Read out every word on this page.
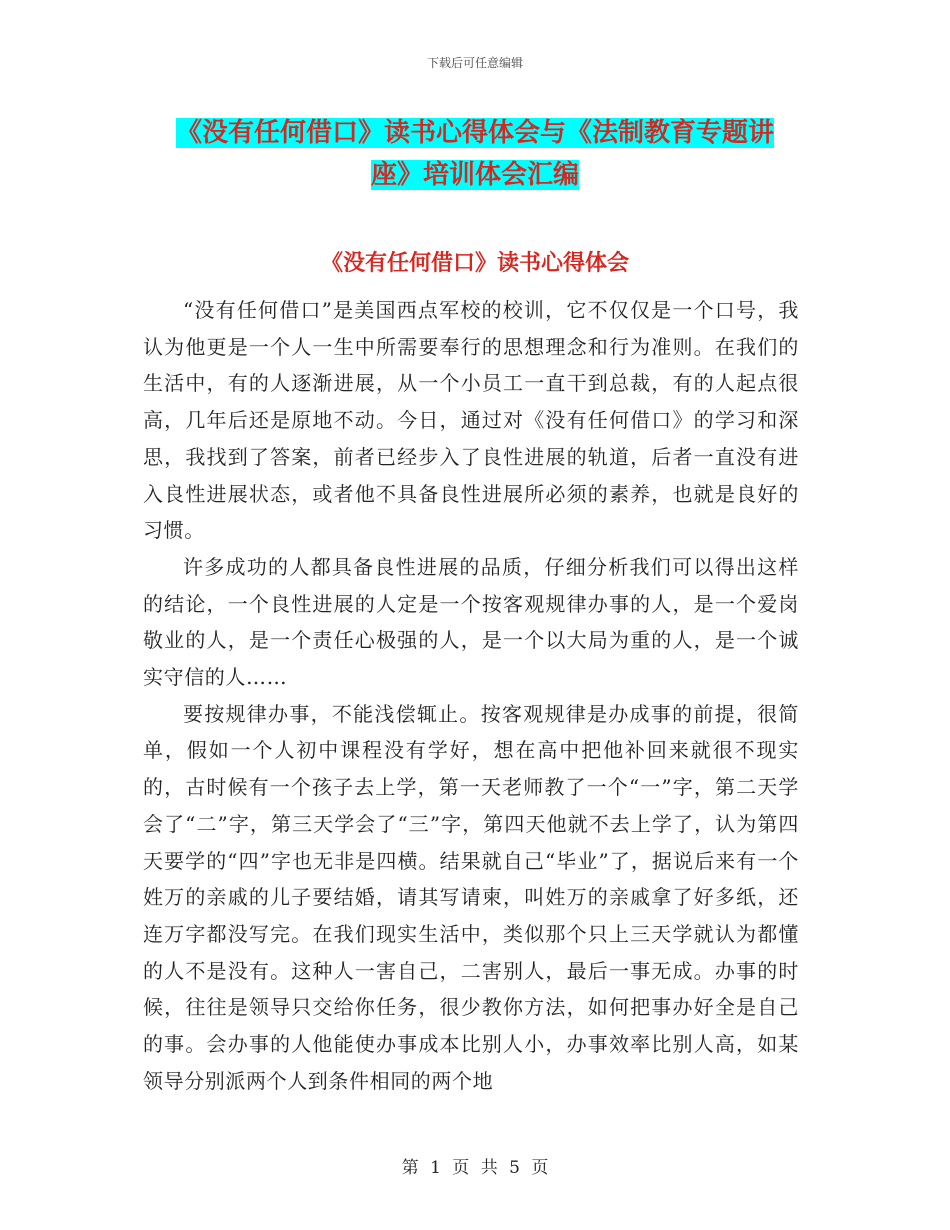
下载后可任意编辑
《没有任何借口》读书心得体会与《法制教育专题讲
座》培训体会汇编
《没有任何借口》读书心得体会

“没有任何借口”是美国西点军校的校训，它不仅仅是一个口号，我认为他更是一个人一生中所需要奉行的思想理念和行为准则。在我们的生活中，有的人逐渐进展，从一个小员工一直干到总裁，有的人起点很高，几年后还是原地不动。今日，通过对《没有任何借口》的学习和深思，我找到了答案，前者已经步入了良性进展的轨道，后者一直没有进入良性进展状态，或者他不具备良性进展所必须的素养，也就是良好的习惯。

许多成功的人都具备良性进展的品质，仔细分析我们可以得出这样的结论，一个良性进展的人定是一个按客观规律办事的人，是一个爱岗敬业的人，是一个责任心极强的人，是一个以大局为重的人，是一个诚实守信的人……

要按规律办事，不能浅偿辄止。按客观规律是办成事的前提，很简单，假如一个人初中课程没有学好，想在高中把他补回来就很不现实的，古时候有一个孩子去上学，第一天老师教了一个“一”字，第二天学会了“二”字，第三天学会了“三”字，第四天他就不去上学了，认为第四天要学的“四”字也无非是四横。结果就自己“毕业”了，据说后来有一个姓万的亲戚的儿子要结婚，请其写请柬，叫姓万的亲戚拿了好多纸，还连万字都没写完。在我们现实生活中，类似那个只上三天学就认为都懂的人不是没有。这种人一害自己，二害别人，最后一事无成。办事的时候，往往是领导只交给你任务，很少教你方法，如何把事办好全是自己的事。会办事的人他能使办事成本比别人小，办事效率比别人高，如某领导分别派两个人到条件相同的两个地

第 1 页 共 5 页
